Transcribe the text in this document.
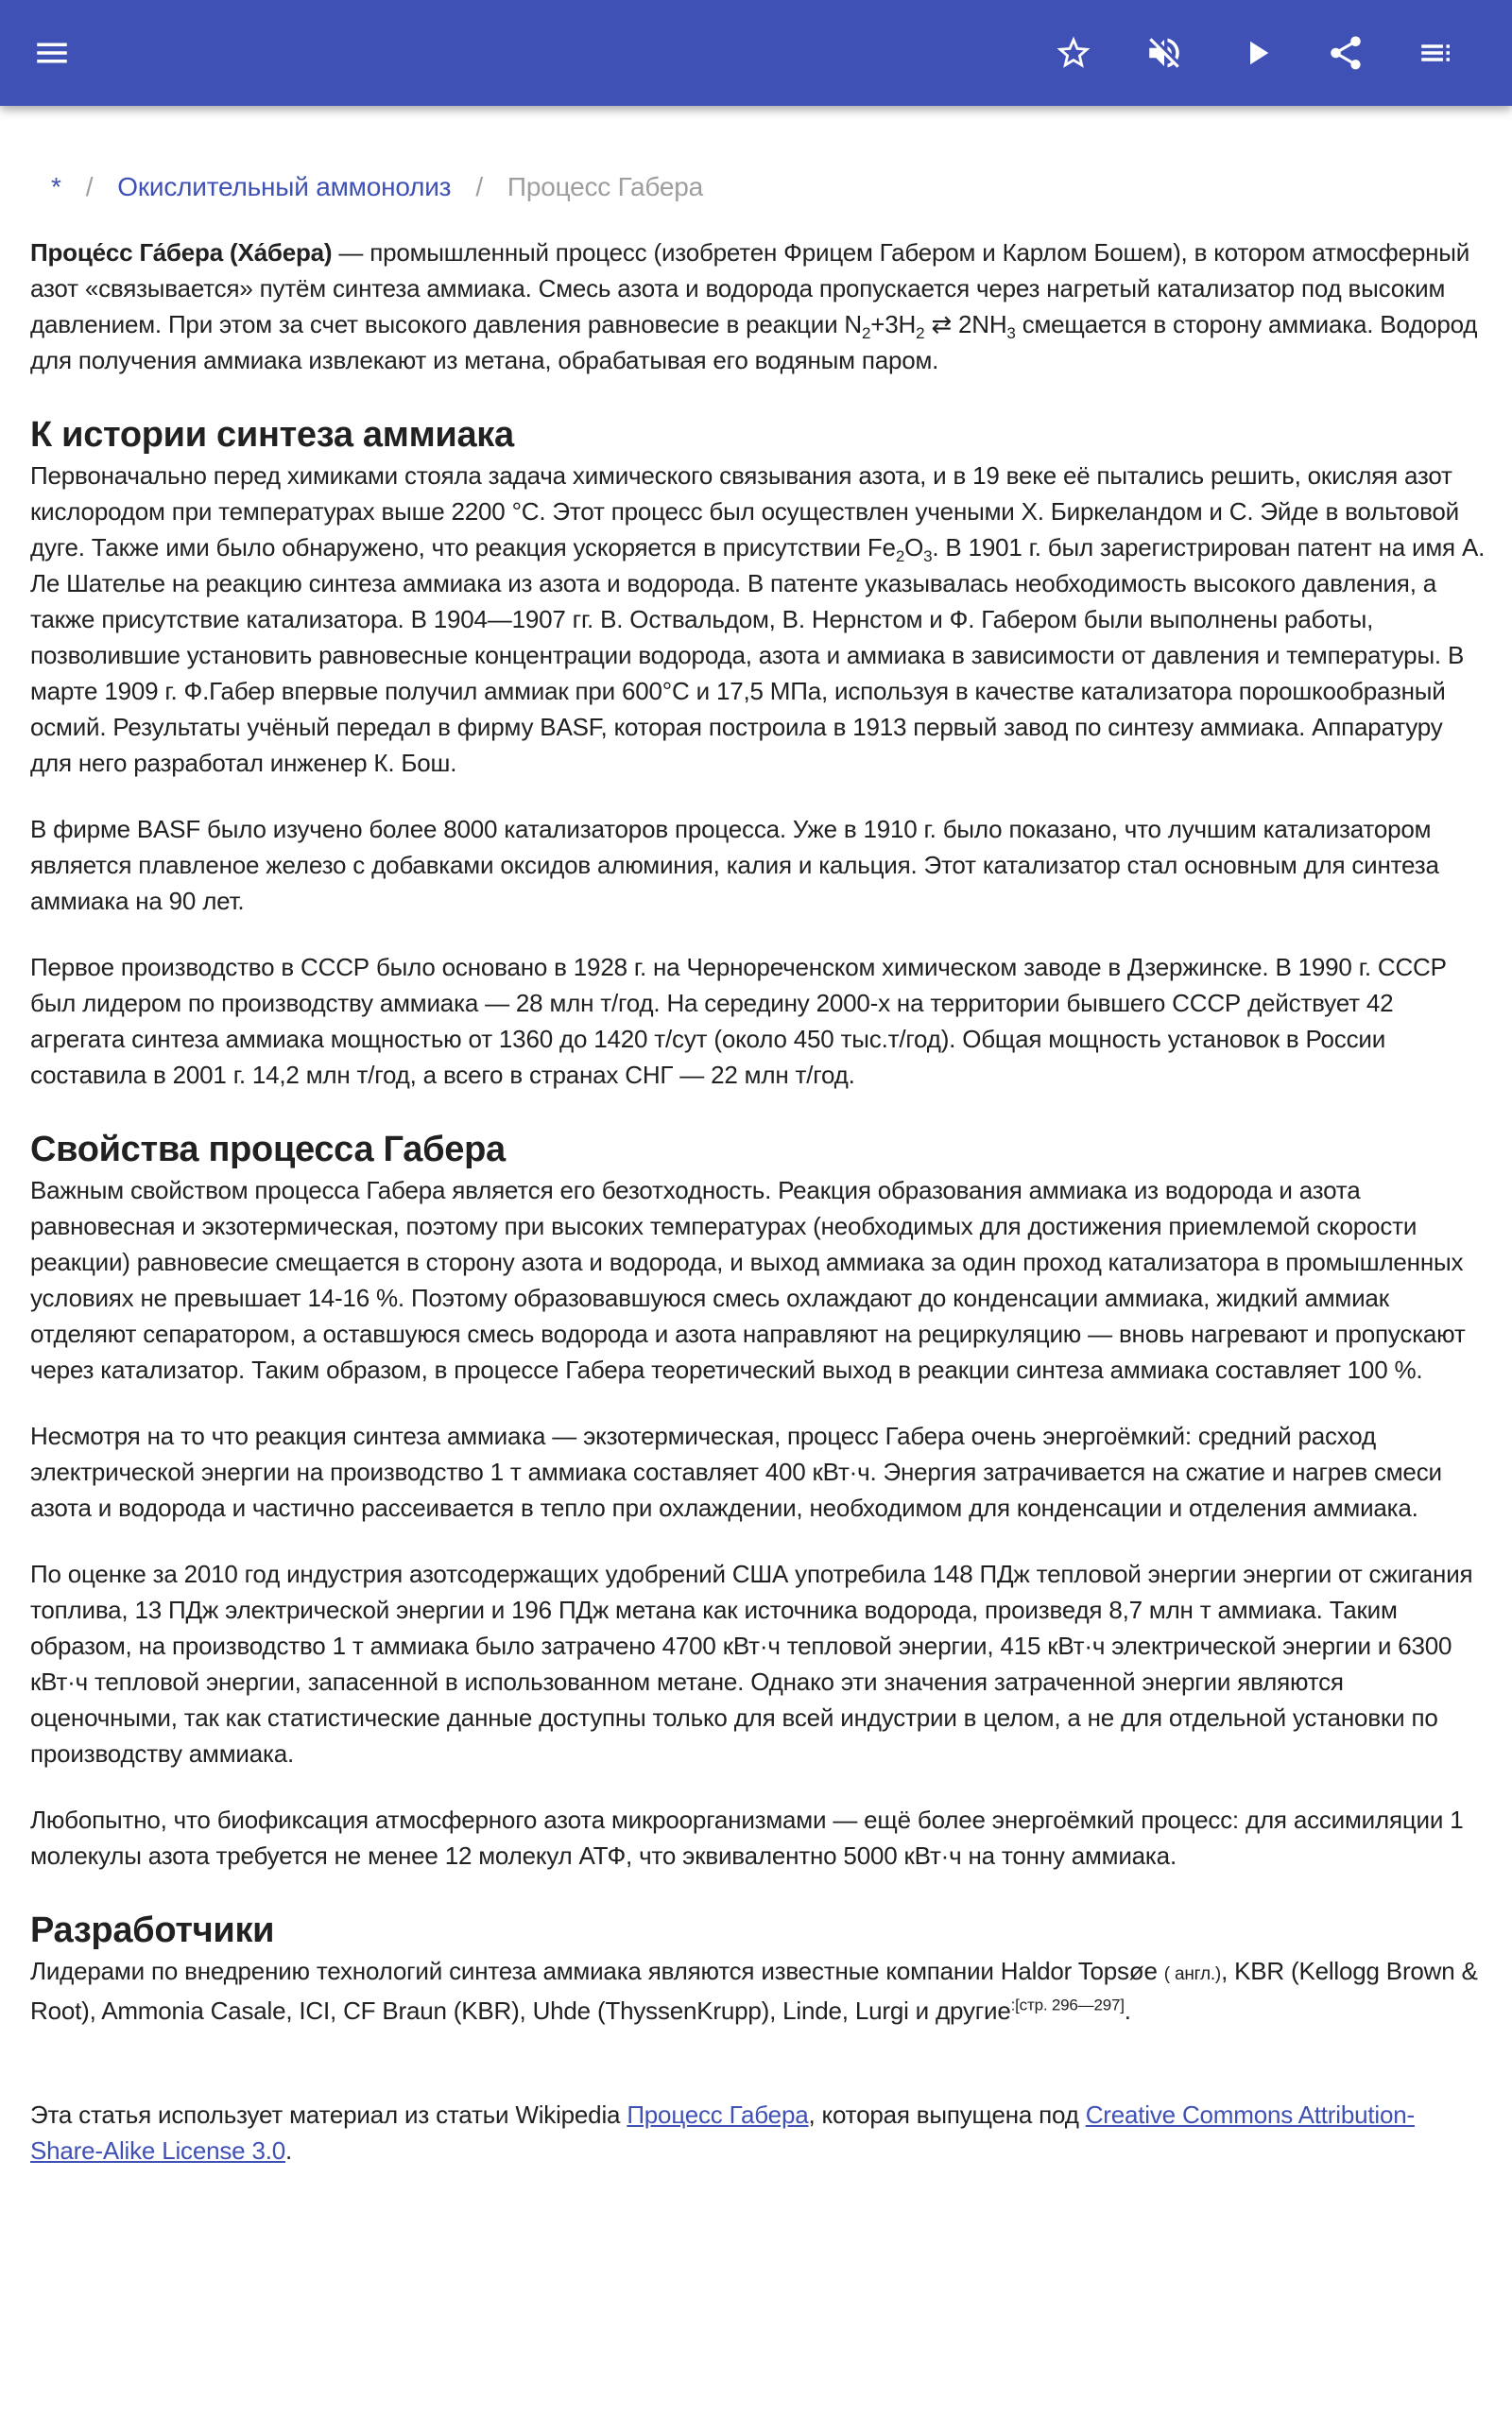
* / Окислительный аммонолиз / Процесс Габера

Проце́сс Га́бера (Ха́бера) — промышленный процесс (изобретен Фрицем Габером и Карлом Бошем), в котором атмосферный азот «связывается» путём синтеза аммиака. Смесь азота и водорода пропускается через нагретый катализатор под высоким давлением. При этом за счет высокого давления равновесие в реакции $N_2+3H_2$ ⇄ $2NH_3$ смещается в сторону аммиака. Водород для получения аммиака извлекают из метана, обрабатывая его водяным паром.

К истории синтеза аммиака

Первоначально перед химиками стояла задача химического связывания азота, и в 19 веке её пытались решить, окисляя азот кислородом при температурах выше 2200 °C. Этот процесс был осуществлен учеными Х. Биркеландом и С. Эйде в вольтовой дуге. Также ими было обнаружено, что реакция ускоряется в присутствии $Fe_2O_3$. В 1901 г. был зарегистрирован патент на имя А. Ле Шателье на реакцию синтеза аммиака из азота и водорода. В патенте указывалась необходимость высокого давления, а также присутствие катализатора. В 1904—1907 гг. В. Оствальдом, В. Нернстом и Ф. Габером были выполнены работы, позволившие установить равновесные концентрации водорода, азота и аммиака в зависимости от давления и температуры. В марте 1909 г. Ф.Габер впервые получил аммиак при 600°C и 17,5 МПа, используя в качестве катализатора порошкообразный осмий. Результаты учёный передал в фирму BASF, которая построила в 1913 первый завод по синтезу аммиака. Аппаратуру для него разработал инженер К. Бош.

В фирме BASF было изучено более 8000 катализаторов процесса. Уже в 1910 г. было показано, что лучшим катализатором является плавленое железо с добавками оксидов алюминия, калия и кальция. Этот катализатор стал основным для синтеза аммиака на 90 лет.

Первое производство в СССР было основано в 1928 г. на Чернореченском химическом заводе в Дзержинске. В 1990 г. СССР был лидером по производству аммиака — 28 млн т/год. На середину 2000-х на территории бывшего СССР действует 42 агрегата синтеза аммиака мощностью от 1360 до 1420 т/сут (около 450 тыс.т/год). Общая мощность установок в России составила в 2001 г. 14,2 млн т/год, а всего в странах СНГ — 22 млн т/год.

Свойства процесса Габера

Важным свойством процесса Габера является его безотходность. Реакция образования аммиака из водорода и азота равновесная и экзотермическая, поэтому при высоких температурах (необходимых для достижения приемлемой скорости реакции) равновесие смещается в сторону азота и водорода, и выход аммиака за один проход катализатора в промышленных условиях не превышает 14-16 %. Поэтому образовавшуюся смесь охлаждают до конденсации аммиака, жидкий аммиак отделяют сепаратором, а оставшуюся смесь водорода и азота направляют на рециркуляцию — вновь нагревают и пропускают через катализатор. Таким образом, в процессе Габера теоретический выход в реакции синтеза аммиака составляет 100 %.

Несмотря на то что реакция синтеза аммиака — экзотермическая, процесс Габера очень энергоёмкий: средний расход электрической энергии на производство 1 т аммиака составляет 400 кВт·ч. Энергия затрачивается на сжатие и нагрев смеси азота и водорода и частично рассеивается в тепло при охлаждении, необходимом для конденсации и отделения аммиака.

По оценке за 2010 год индустрия азотсодержащих удобрений США употребила 148 ПДж тепловой энергии энергии от сжигания топлива, 13 ПДж электрической энергии и 196 ПДж метана как источника водорода, произведя 8,7 млн т аммиака. Таким образом, на производство 1 т аммиака было затрачено 4700 кВт·ч тепловой энергии, 415 кВт·ч электрической энергии и 6300 кВт·ч тепловой энергии, запасенной в использованном метане. Однако эти значения затраченной энергии являются оценочными, так как статистические данные доступны только для всей индустрии в целом, а не для отдельной установки по производству аммиака.

Любопытно, что биофиксация атмосферного азота микроорганизмами — ещё более энергоёмкий процесс: для ассимиляции 1 молекулы азота требуется не менее 12 молекул АТФ, что эквивалентно 5000 кВт·ч на тонну аммиака.

Разработчики

Лидерами по внедрению технологий синтеза аммиака являются известные компании Haldor Topsøe ( англ.), KBR (Kellogg Brown & Root), Ammonia Casale, ICI, CF Braun (KBR), Uhde (ThyssenKrupp), Linde, Lurgi и другие$^{:[стр. 296—297]}$.

Эта статья использует материал из статьи Wikipedia Процесс Габера, которая выпущена под Creative Commons Attribution-Share-Alike License 3.0.
